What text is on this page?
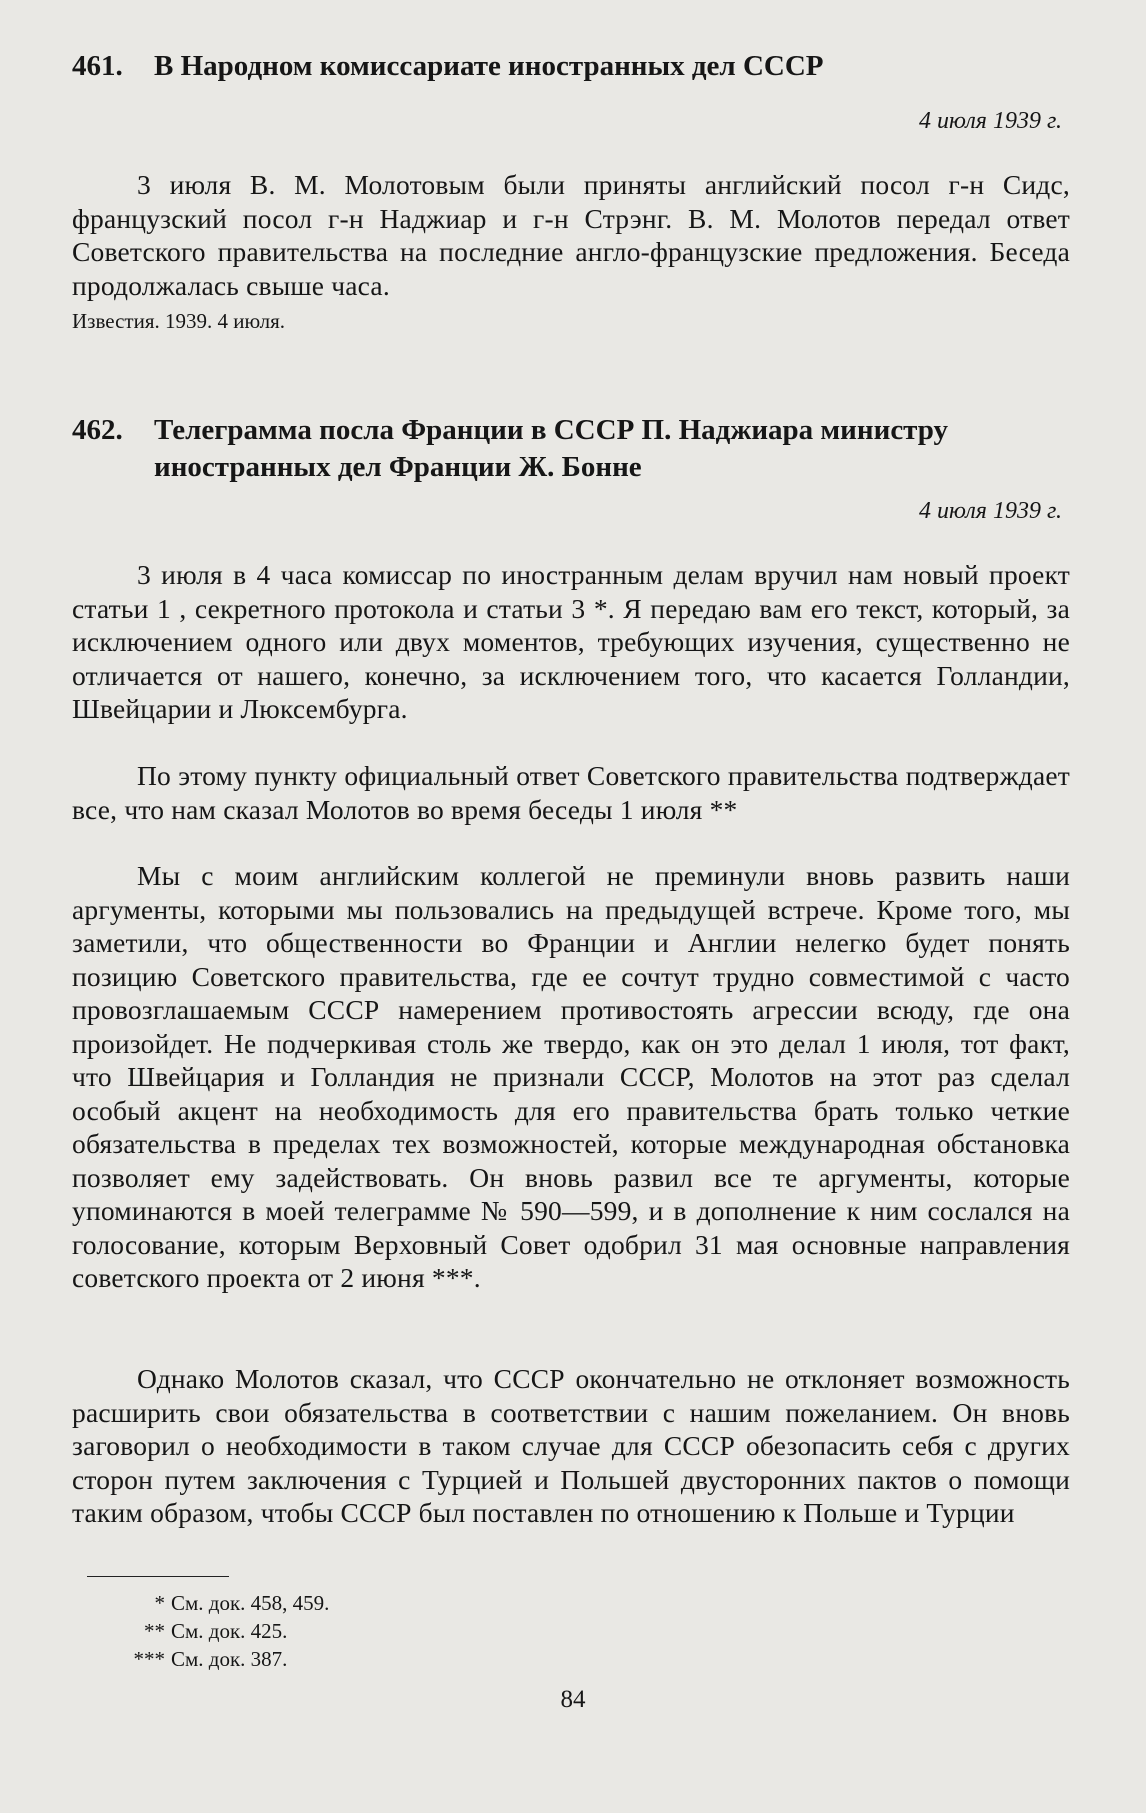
461. В Народном комиссариате иностранных дел СССР

4 июля 1939 г.

3 июля В. М. Молотовым были приняты английский посол г-н Сидс, французский посол г-н Наджиар и г-н Стрэнг. В. М. Молотов передал ответ Советского правительства на последние англо-французские предложения. Беседа продолжалась свыше часа.

Известия. 1939. 4 июля.

462. Телеграмма посла Франции в СССР П. Наджиара министру
иностранных дел Франции Ж. Бонне

4 июля 1939 г.

3 июля в 4 часа комиссар по иностранным делам вручил нам новый проект статьи 1 , секретного протокола и статьи 3 *. Я передаю вам его текст, который, за исключением одного или двух моментов, требующих изучения, существенно не отличается от нашего, конечно, за исключением того, что касается Голландии, Швейцарии и Люксембурга.

По этому пункту официальный ответ Советского правительства подтверждает все, что нам сказал Молотов во время беседы 1 июля **

Мы с моим английским коллегой не преминули вновь развить наши аргументы, которыми мы пользовались на предыдущей встрече. Кроме того, мы заметили, что общественности во Франции и Англии нелегко будет понять позицию Советского правительства, где ее сочтут трудно совместимой с часто провозглашаемым СССР намерением противостоять агрессии всюду, где она произойдет. Не подчеркивая столь же твердо, как он это делал 1 июля, тот факт, что Швейцария и Голландия не признали СССР, Молотов на этот раз сделал особый акцент на необходимость для его правительства брать только четкие обязательства в пределах тех возможностей, которые международная обстановка позволяет ему задействовать. Он вновь развил все те аргументы, которые упоминаются в моей телеграмме № 590—599, и в дополнение к ним сослался на голосование, которым Верховный Совет одобрил 31 мая основные направления советского проекта от 2 июня ***.

Однако Молотов сказал, что СССР окончательно не отклоняет возможность расширить свои обязательства в соответствии с нашим пожеланием. Он вновь заговорил о необходимости в таком случае для СССР обезопасить себя с других сторон путем заключения с Турцией и Польшей двусторонних пактов о помощи таким образом, чтобы СССР был поставлен по отношению к Польше и Турции

* См. док. 458, 459.
** См. док. 425.
*** См. док. 387.
84
